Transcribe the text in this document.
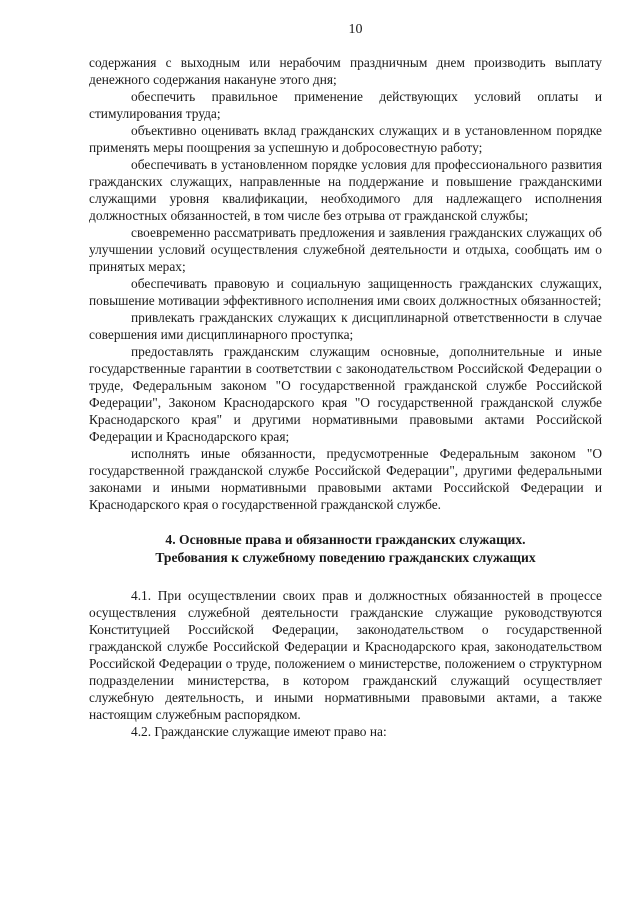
10

содержания с выходным или нерабочим праздничным днем производить выплату денежного содержания накануне этого дня;

обеспечить правильное применение действующих условий оплаты и стимулирования труда;

объективно оценивать вклад гражданских служащих и в установленном порядке применять меры поощрения за успешную и добросовестную работу;

обеспечивать в установленном порядке условия для профессионального развития гражданских служащих, направленные на поддержание и повышение гражданскими служащими уровня квалификации, необходимого для надлежащего исполнения должностных обязанностей, в том числе без отрыва от гражданской службы;

своевременно рассматривать предложения и заявления гражданских служащих об улучшении условий осуществления служебной деятельности и отдыха, сообщать им о принятых мерах;

обеспечивать правовую и социальную защищенность гражданских служащих, повышение мотивации эффективного исполнения ими своих должностных обязанностей;

привлекать гражданских служащих к дисциплинарной ответственности в случае совершения ими дисциплинарного проступка;

предоставлять гражданским служащим основные, дополнительные и иные государственные гарантии в соответствии с законодательством Российской Федерации о труде, Федеральным законом "О государственной гражданской службе Российской Федерации", Законом Краснодарского края "О государственной гражданской службе Краснодарского края" и другими нормативными правовыми актами Российской Федерации и Краснодарского края;

исполнять иные обязанности, предусмотренные Федеральным законом "О государственной гражданской службе Российской Федерации", другими федеральными законами и иными нормативными правовыми актами Российской Федерации и Краснодарского края о государственной гражданской службе.

4. Основные права и обязанности гражданских служащих.
Требования к служебному поведению гражданских служащих

4.1. При осуществлении своих прав и должностных обязанностей в процессе осуществления служебной деятельности гражданские служащие руководствуются Конституцией Российской Федерации, законодательством о государственной гражданской службе Российской Федерации и Краснодарского края, законодательством Российской Федерации о труде, положением о министерстве, положением о структурном подразделении министерства, в котором гражданский служащий осуществляет служебную деятельность, и иными нормативными правовыми актами, а также настоящим служебным распорядком.

4.2. Гражданские служащие имеют право на:
